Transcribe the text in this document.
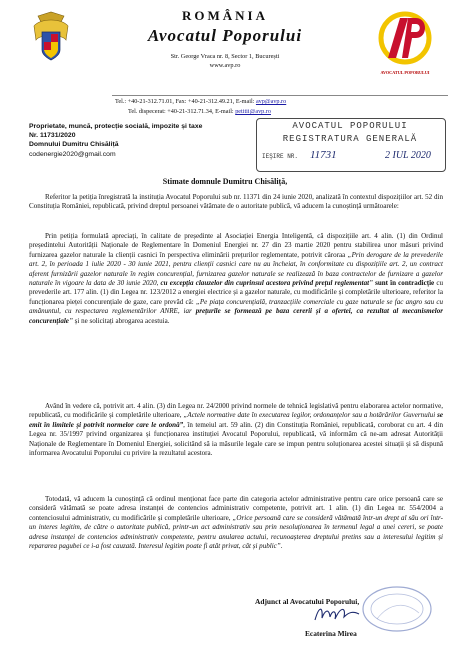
ROMÂNIA
Avocatul Poporului
Str. George Vraca nr. 8, Sector 1, București
www.avp.ro
AVOCATUL POPORULUI
Tel.: +40-21-312.71.01, Fax: +40-21-312.49.21, E-mail: avp@avp.ro
Tel. dispecerat: +40-21-312.71.34, E-mail: petitii@avp.ro
Proprietate, muncă, protecție socială, impozite și taxe
Nr. 11731/2020
Domnului Dumitru Chisăliță
codenergie2020@gmail.com
AVOCATUL POPORULUI
REGISTRATURA GENERALĂ
IEŞIRE NR. 11731	2 IUL 2020
Stimate domnule Dumitru Chisăliță,
Referitor la petiția înregistrată la instituția Avocatul Poporului sub nr. 11371 din 24 iunie 2020, analizată în contextul dispozițiilor art. 52 din Constituția României, republicată, privind dreptul persoanei vătămate de o autoritate publică, vă aducem la cunoștință următoarele:
Prin petiția formulată apreciați, în calitate de președinte al Asociației Energia Inteligentă, că dispozițiile art. 4 alin. (1) din Ordinul președintelui Autorității Naționale de Reglementare în Domeniul Energiei nr. 27 din 23 martie 2020 pentru stabilirea unor măsuri privind furnizarea gazelor naturale la clienții casnici în perspectiva eliminării prețurilor reglementate, potrivit căroraa „Prin derogare de la prevederile art. 2, în perioada 1 iulie 2020 - 30 iunie 2021, pentru clienții casnici care nu au încheiat, în conformitate cu dispozițiile art. 2, un contract aferent furnizării gazelor naturale în regim concurențial, furnizarea gazelor naturale se realizează în baza contractelor de furnizare a gazelor naturale în vigoare la data de 30 iunie 2020, cu excepția clauzelor din cuprinsul acestora privind prețul reglementat” sunt în contradicție cu prevederile art. 177 alin. (1) din Legea nr. 123/2012 a energiei electrice și a gazelor naturale, cu modificările și completările ulterioare, referitor la funcționarea pieței concurențiale de gaze, care prevăd că: „Pe piața concurențială, tranzacțiile comerciale cu gaze naturale se fac angro sau cu amănuntul, cu respectarea reglementărilor ANRE, iar prețurile se formează pe baza cererii și a ofertei, ca rezultat al mecanismelor concurențiale” și ne solicitați abrogarea acestuia.
Având în vedere că, potrivit art. 4 alin. (3) din Legea nr. 24/2000 privind normele de tehnică legislativă pentru elaborarea actelor normative, republicată, cu modificările și completările ulterioare, „Actele normative date în executarea legilor, ordonanțelor sau a hotărârilor Guvernului se emit în limitele și potrivit normelor care le ordonă”, în temeiul art. 59 alin. (2) din Constituția României, republicată, coroborat cu art. 4 din Legea nr. 35/1997 privind organizarea și funcționarea instituției Avocatul Poporului, republicată, vă informăm că ne-am adresat Autorității Naționale de Reglementare în Domeniul Energiei, solicitând să ia măsurile legale care se impun pentru soluționarea acestei situații și să dispună informarea Avocatului Poporului cu privire la rezultatul acestora.
Totodată, vă aducem la cunoștință că ordinul menționat face parte din categoria actelor administrative pentru care orice persoană care se consideră vătămată se poate adresa instanței de contencios administrativ competente, potrivit art. 1 alin. (1) din Legea nr. 554/2004 a contenciosului administrativ, cu modificările și completările ulterioare, „Orice persoană care se consideră vătămată într-un drept al său ori într-un interes legitim, de către o autoritate publică, printr-un act administrativ sau prin nesoluționarea în termenul legal a unei cereri, se poate adresa instanței de contencios administrativ competente, pentru anularea actului, recunoașterea dreptului pretins sau a interesului legitim și repararea pagubei ce i-a fost cauzată. Interesul legitim poate fi atât privat, cât și public”.
Adjunct al Avocatului Poporului,
Ecaterina Mirea
